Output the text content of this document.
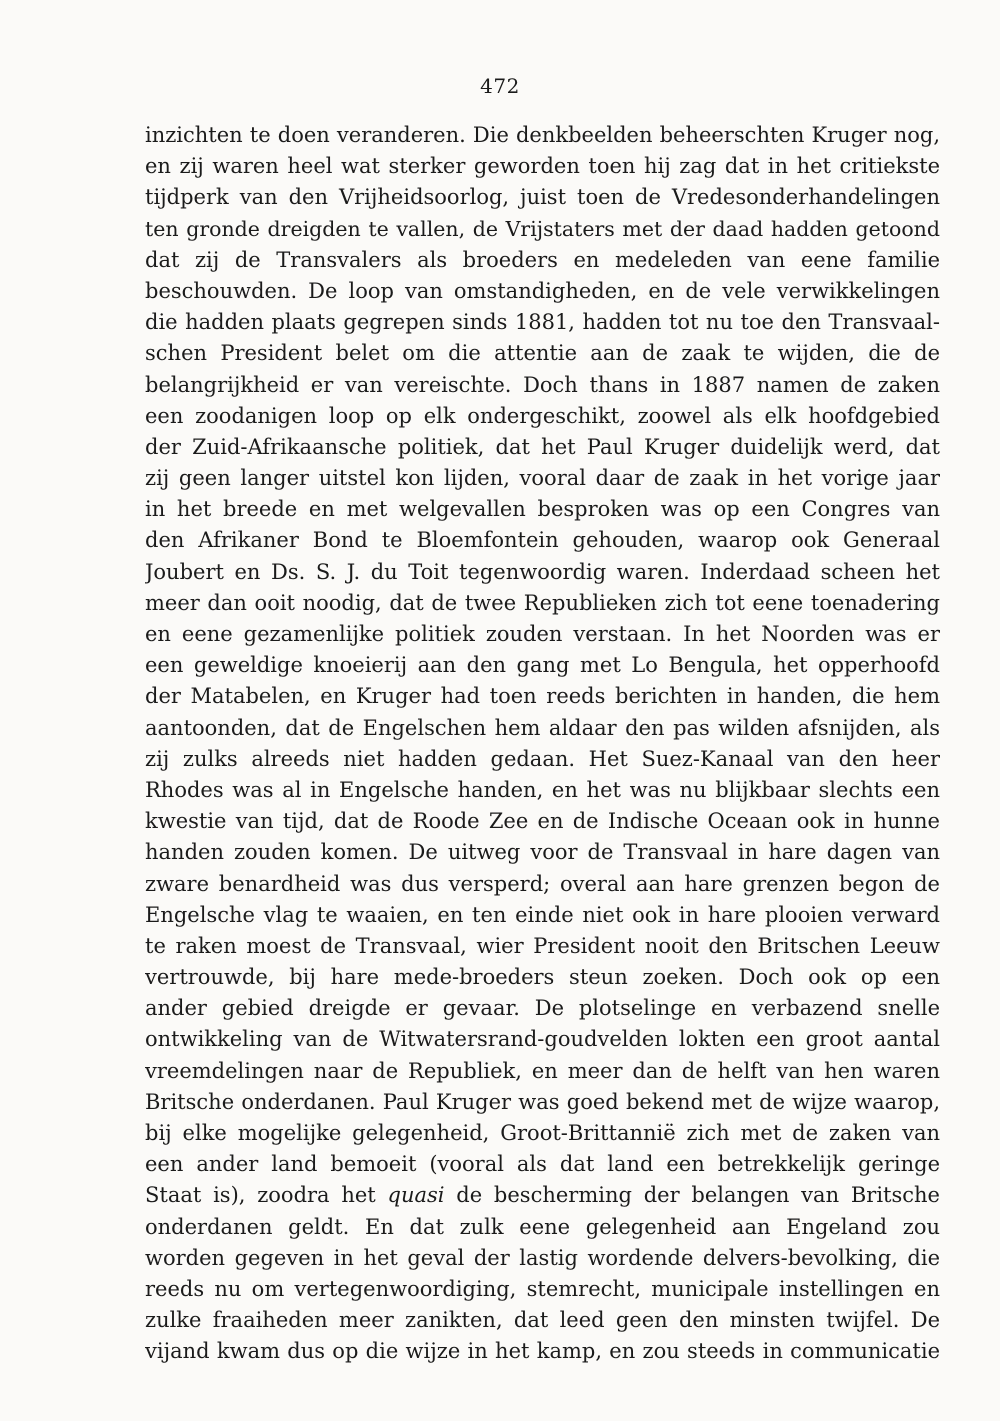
472
inzichten te doen veranderen. Die denkbeelden beheerschten Kruger nog,
en zij waren heel wat sterker geworden toen hij zag dat in het critiekste
tijdperk van den Vrijheidsoorlog, juist toen de Vredesonderhandelingen
ten gronde dreigden te vallen, de Vrijstaters met der daad hadden getoond
dat zij de Transvalers als broeders en medeleden van eene familie
beschouwden. De loop van omstandigheden, en de vele verwikkelingen
die hadden plaats gegrepen sinds 1881, hadden tot nu toe den Transvaal-
schen President belet om die attentie aan de zaak te wijden, die de
belangrijkheid er van vereischte. Doch thans in 1887 namen de zaken
een zoodanigen loop op elk ondergeschikt, zoowel als elk hoofdgebied
der Zuid-Afrikaansche politiek, dat het Paul Kruger duidelijk werd, dat
zij geen langer uitstel kon lijden, vooral daar de zaak in het vorige jaar
in het breede en met welgevallen besproken was op een Congres van
den Afrikaner Bond te Bloemfontein gehouden, waarop ook Generaal
Joubert en Ds. S. J. du Toit tegenwoordig waren. Inderdaad scheen het
meer dan ooit noodig, dat de twee Republieken zich tot eene toenadering
en eene gezamenlijke politiek zouden verstaan. In het Noorden was er
een geweldige knoeierij aan den gang met Lo Bengula, het opperhoofd
der Matabelen, en Kruger had toen reeds berichten in handen, die hem
aantoonden, dat de Engelschen hem aldaar den pas wilden afsnijden, als
zij zulks alreeds niet hadden gedaan. Het Suez-Kanaal van den heer
Rhodes was al in Engelsche handen, en het was nu blijkbaar slechts een
kwestie van tijd, dat de Roode Zee en de Indische Oceaan ook in hunne
handen zouden komen. De uitweg voor de Transvaal in hare dagen van
zware benardheid was dus versperd; overal aan hare grenzen begon de
Engelsche vlag te waaien, en ten einde niet ook in hare plooien verward
te raken moest de Transvaal, wier President nooit den Britschen Leeuw
vertrouwde, bij hare mede-broeders steun zoeken. Doch ook op een
ander gebied dreigde er gevaar. De plotselinge en verbazend snelle
ontwikkeling van de Witwatersrand-goudvelden lokten een groot aantal
vreemdelingen naar de Republiek, en meer dan de helft van hen waren
Britsche onderdanen. Paul Kruger was goed bekend met de wijze waarop,
bij elke mogelijke gelegenheid, Groot-Brittannië zich met de zaken van
een ander land bemoeit (vooral als dat land een betrekkelijk geringe
Staat is), zoodra het quasi de bescherming der belangen van Britsche
onderdanen geldt. En dat zulk eene gelegenheid aan Engeland zou
worden gegeven in het geval der lastig wordende delvers-bevolking, die
reeds nu om vertegenwoordiging, stemrecht, municipale instellingen en
zulke fraaiheden meer zanikten, dat leed geen den minsten twijfel. De
vijand kwam dus op die wijze in het kamp, en zou steeds in communicatie
